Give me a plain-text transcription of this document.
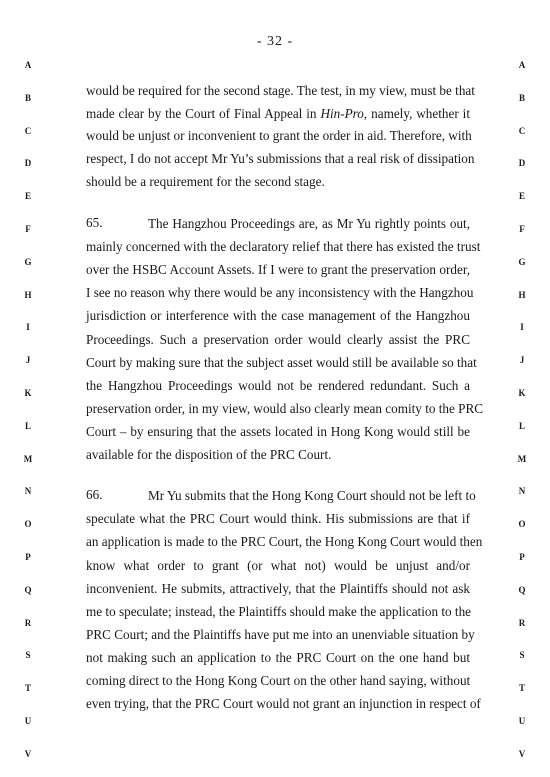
- 32 -
A	A
B	B
C	C
D	D
E	E
F	F
G	G
H	H
I	I
J	J
K	K
L	L
M	M
N	N
O	O
P	P
Q	Q
R	R
S	S
T	T
U	U
V	V
would be required for the second stage. The test, in my view, must be that
made clear by the Court of Final Appeal in Hin-Pro, namely, whether it
would be unjust or inconvenient to grant the order in aid. Therefore, with
respect, I do not accept Mr Yu’s submissions that a real risk of dissipation
should be a requirement for the second stage.
65.	The Hangzhou Proceedings are, as Mr Yu rightly points out,
mainly concerned with the declaratory relief that there has existed the trust
over the HSBC Account Assets. If I were to grant the preservation order,
I see no reason why there would be any inconsistency with the Hangzhou
jurisdiction or interference with the case management of the Hangzhou
Proceedings. Such a preservation order would clearly assist the PRC
Court by making sure that the subject asset would still be available so that
the Hangzhou Proceedings would not be rendered redundant. Such a
preservation order, in my view, would also clearly mean comity to the PRC
Court – by ensuring that the assets located in Hong Kong would still be
available for the disposition of the PRC Court.
66.	Mr Yu submits that the Hong Kong Court should not be left to
speculate what the PRC Court would think. His submissions are that if
an application is made to the PRC Court, the Hong Kong Court would then
know what order to grant (or what not) would be unjust and/or
inconvenient. He submits, attractively, that the Plaintiffs should not ask
me to speculate; instead, the Plaintiffs should make the application to the
PRC Court; and the Plaintiffs have put me into an unenviable situation by
not making such an application to the PRC Court on the one hand but
coming direct to the Hong Kong Court on the other hand saying, without
even trying, that the PRC Court would not grant an injunction in respect of
